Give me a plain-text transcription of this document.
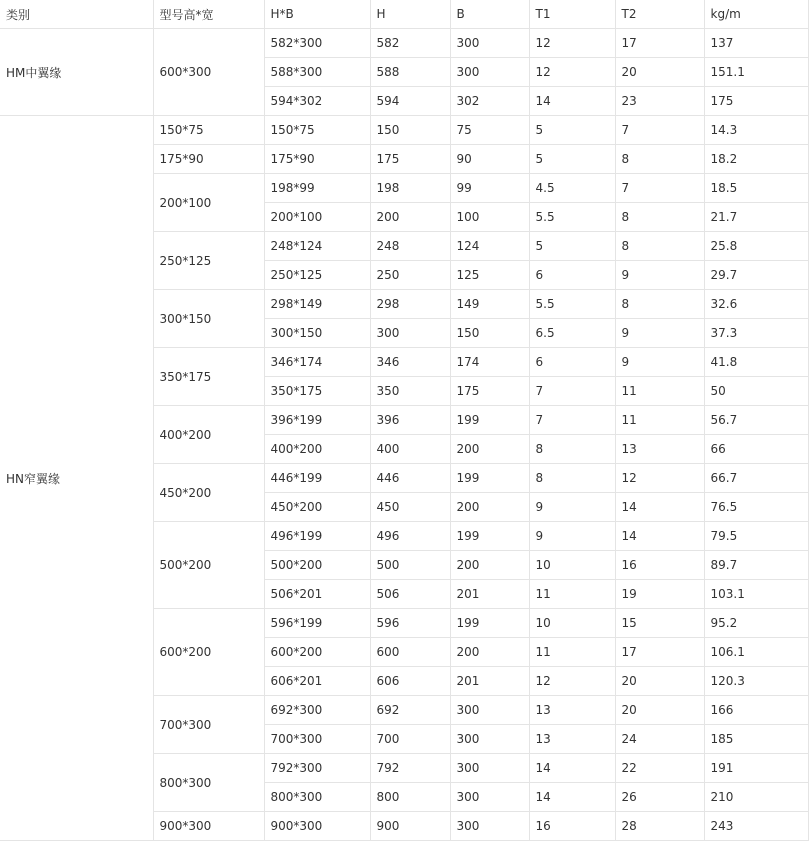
类别	型号高*宽	H*B	H	B	T1	T2	kg/m
HM中翼缘	600*300	582*300	582	300	12	17	137
		588*300	588	300	12	20	151.1
		594*302	594	302	14	23	175
HN窄翼缘	150*75	150*75	150	75	5	7	14.3
	175*90	175*90	175	90	5	8	18.2
	200*100	198*99	198	99	4.5	7	18.5
		200*100	200	100	5.5	8	21.7
	250*125	248*124	248	124	5	8	25.8
		250*125	250	125	6	9	29.7
	300*150	298*149	298	149	5.5	8	32.6
		300*150	300	150	6.5	9	37.3
	350*175	346*174	346	174	6	9	41.8
		350*175	350	175	7	11	50
	400*200	396*199	396	199	7	11	56.7
		400*200	400	200	8	13	66
	450*200	446*199	446	199	8	12	66.7
		450*200	450	200	9	14	76.5
	500*200	496*199	496	199	9	14	79.5
		500*200	500	200	10	16	89.7
		506*201	506	201	11	19	103.1
	600*200	596*199	596	199	10	15	95.2
		600*200	600	200	11	17	106.1
		606*201	606	201	12	20	120.3
	700*300	692*300	692	300	13	20	166
		700*300	700	300	13	24	185
	800*300	792*300	792	300	14	22	191
		800*300	800	300	14	26	210
	900*300	900*300	900	300	16	28	243
